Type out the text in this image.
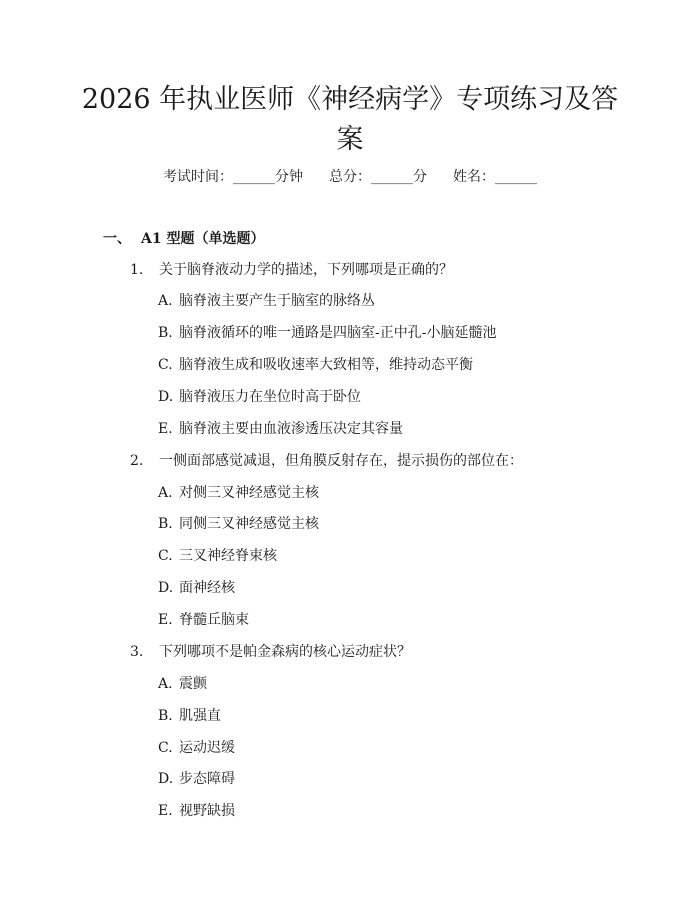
2026 年执业医师《神经病学》专项练习及答
案
考试时间：______分钟 总分：______分 姓名：______
一、 A1 型题（单选题）
1. 关于脑脊液动力学的描述，下列哪项是正确的？
A. 脑脊液主要产生于脑室的脉络丛
B. 脑脊液循环的唯一通路是四脑室-正中孔-小脑延髓池
C. 脑脊液生成和吸收速率大致相等，维持动态平衡
D. 脑脊液压力在坐位时高于卧位
E. 脑脊液主要由血液渗透压决定其容量
2. 一侧面部感觉减退，但角膜反射存在，提示损伤的部位在：
A. 对侧三叉神经感觉主核
B. 同侧三叉神经感觉主核
C. 三叉神经脊束核
D. 面神经核
E. 脊髓丘脑束
3. 下列哪项不是帕金森病的核心运动症状？
A. 震颤
B. 肌强直
C. 运动迟缓
D. 步态障碍
E. 视野缺损
